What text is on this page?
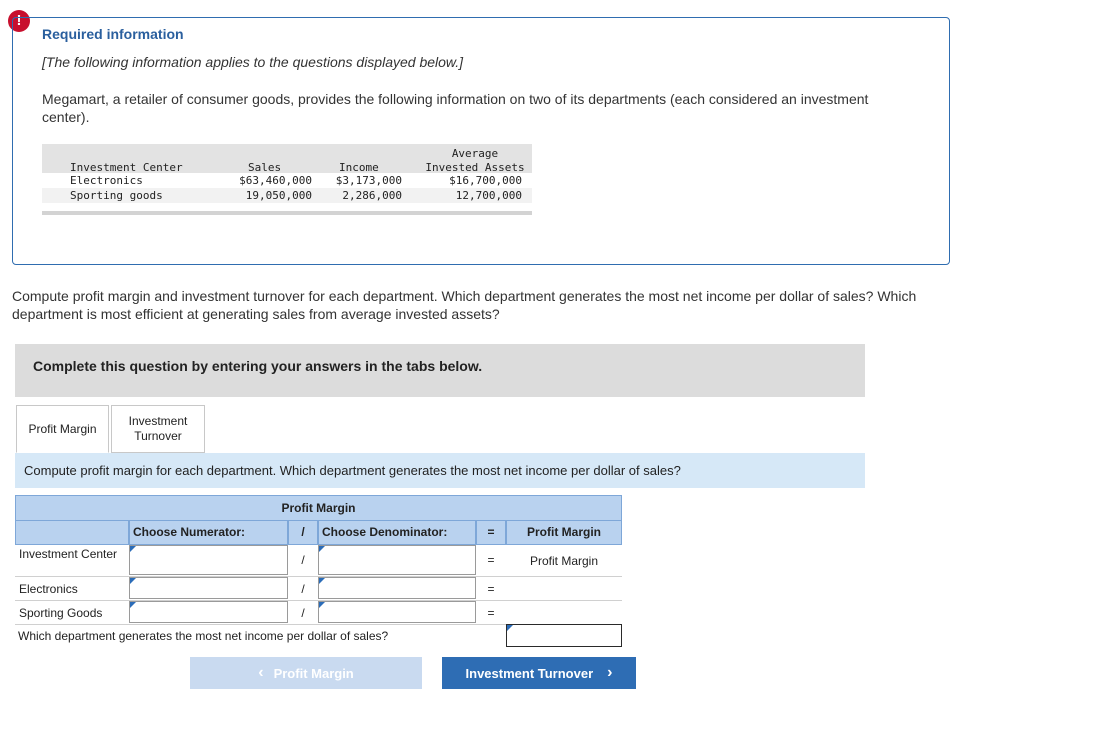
!
Required information
[The following information applies to the questions displayed below.]
Megamart, a retailer of consumer goods, provides the following information on two of its departments (each considered an investment center).
Investment Center	Sales	Income
Average
Invested Assets
Electronics	$63,460,000	$3,173,000	$16,700,000
Sporting goods	19,050,000	2,286,000	12,700,000
Compute profit margin and investment turnover for each department. Which department generates the most net income per dollar of sales? Which department is most efficient at generating sales from average invested assets?
Complete this question by entering your answers in the tabs below.
Profit Margin
Investment Turnover
Compute profit margin for each department. Which department generates the most net income per dollar of sales?
Profit Margin
Choose Numerator:	/	Choose Denominator:	=	Profit Margin
Investment Center	/	=	Profit Margin
Electronics	/	=
Sporting Goods	/	=
Which department generates the most net income per dollar of sales?
‹ Profit Margin	Investment Turnover ›
